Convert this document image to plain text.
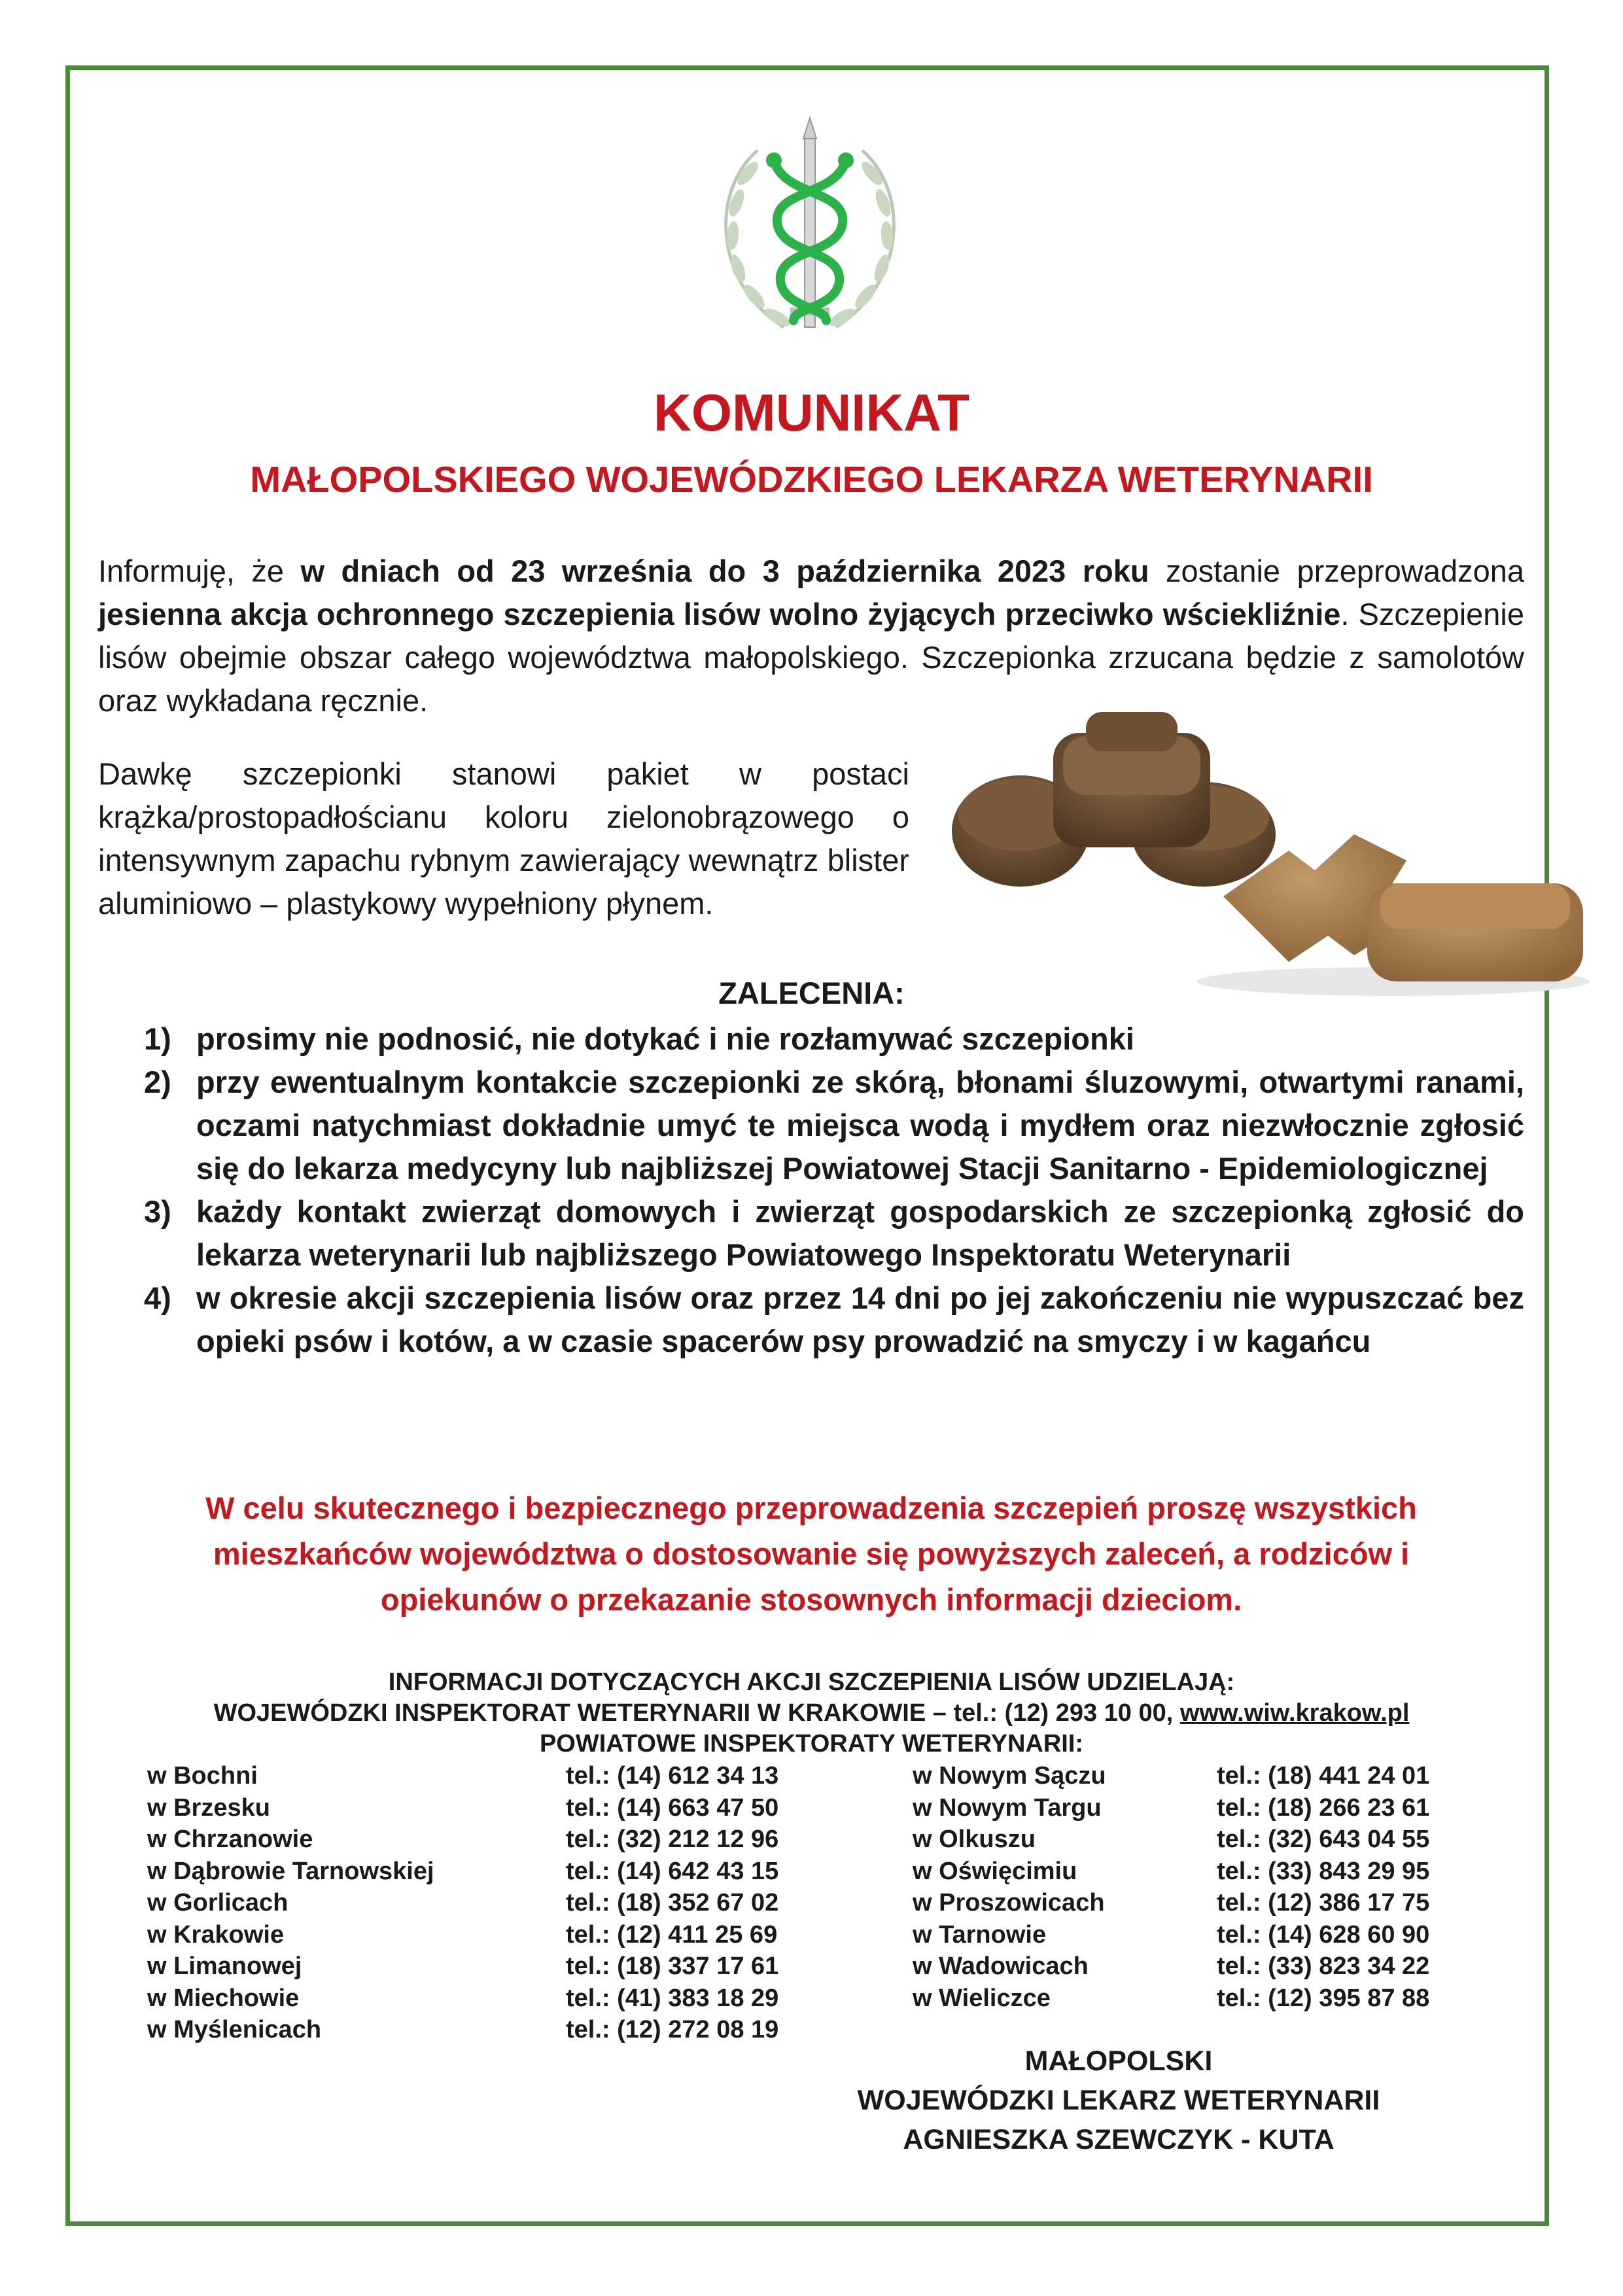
KOMUNIKAT
MAŁOPOLSKIEGO WOJEWÓDZKIEGO LEKARZA WETERYNARII

Informuję, że w dniach od 23 września do 3 października 2023 roku zostanie przeprowadzona jesienna akcja ochronnego szczepienia lisów wolno żyjących przeciwko wściekliźnie. Szczepienie lisów obejmie obszar całego województwa małopolskiego. Szczepionka zrzucana będzie z samolotów oraz wykładana ręcznie.

Dawkę szczepionki stanowi pakiet w postaci krążka/prostopadłościanu koloru zielonobrązowego o intensywnym zapachu rybnym zawierający wewnątrz blister aluminiowo – plastykowy wypełniony płynem.

ZALECENIA:
1) prosimy nie podnosić, nie dotykać i nie rozłamywać szczepionki
2) przy ewentualnym kontakcie szczepionki ze skórą, błonami śluzowymi, otwartymi ranami, oczami natychmiast dokładnie umyć te miejsca wodą i mydłem oraz niezwłocznie zgłosić się do lekarza medycyny lub najbliższej Powiatowej Stacji Sanitarno - Epidemiologicznej
3) każdy kontakt zwierząt domowych i zwierząt gospodarskich ze szczepionką zgłosić do lekarza weterynarii lub najbliższego Powiatowego Inspektoratu Weterynarii
4) w okresie akcji szczepienia lisów oraz przez 14 dni po jej zakończeniu nie wypuszczać bez opieki psów i kotów, a w czasie spacerów psy prowadzić na smyczy i w kagańcu
W celu skutecznego i bezpiecznego przeprowadzenia szczepień proszę wszystkich mieszkańców województwa o dostosowanie się powyższych zaleceń, a rodziców i opiekunów o przekazanie stosownych informacji dzieciom.
INFORMACJI DOTYCZĄCYCH AKCJI SZCZEPIENIA LISÓW UDZIELAJĄ:
WOJEWÓDZKI INSPEKTORAT WETERYNARII W KRAKOWIE – tel.: (12) 293 10 00, www.wiw.krakow.pl
POWIATOWE INSPEKTORATY WETERYNARII:
w Bochni
w Brzesku
w Chrzanowie
w Dąbrowie Tarnowskiej
w Gorlicach
w Krakowie
w Limanowej
w Miechowie
w Myślenicach
tel.: (14) 612 34 13
tel.: (14) 663 47 50
tel.: (32) 212 12 96
tel.: (14) 642 43 15
tel.: (18) 352 67 02
tel.: (12) 411 25 69
tel.: (18) 337 17 61
tel.: (41) 383 18 29
tel.: (12) 272 08 19
w Nowym Sączu
w Nowym Targu
w Olkuszu
w Oświęcimiu
w Proszowicach
w Tarnowie
w Wadowicach
w Wieliczce
tel.: (18) 441 24 01
tel.: (18) 266 23 61
tel.: (32) 643 04 55
tel.: (33) 843 29 95
tel.: (12) 386 17 75
tel.: (14) 628 60 90
tel.: (33) 823 34 22
tel.: (12) 395 87 88
MAŁOPOLSKI
WOJEWÓDZKI LEKARZ WETERYNARII
AGNIESZKA SZEWCZYK - KUTA
